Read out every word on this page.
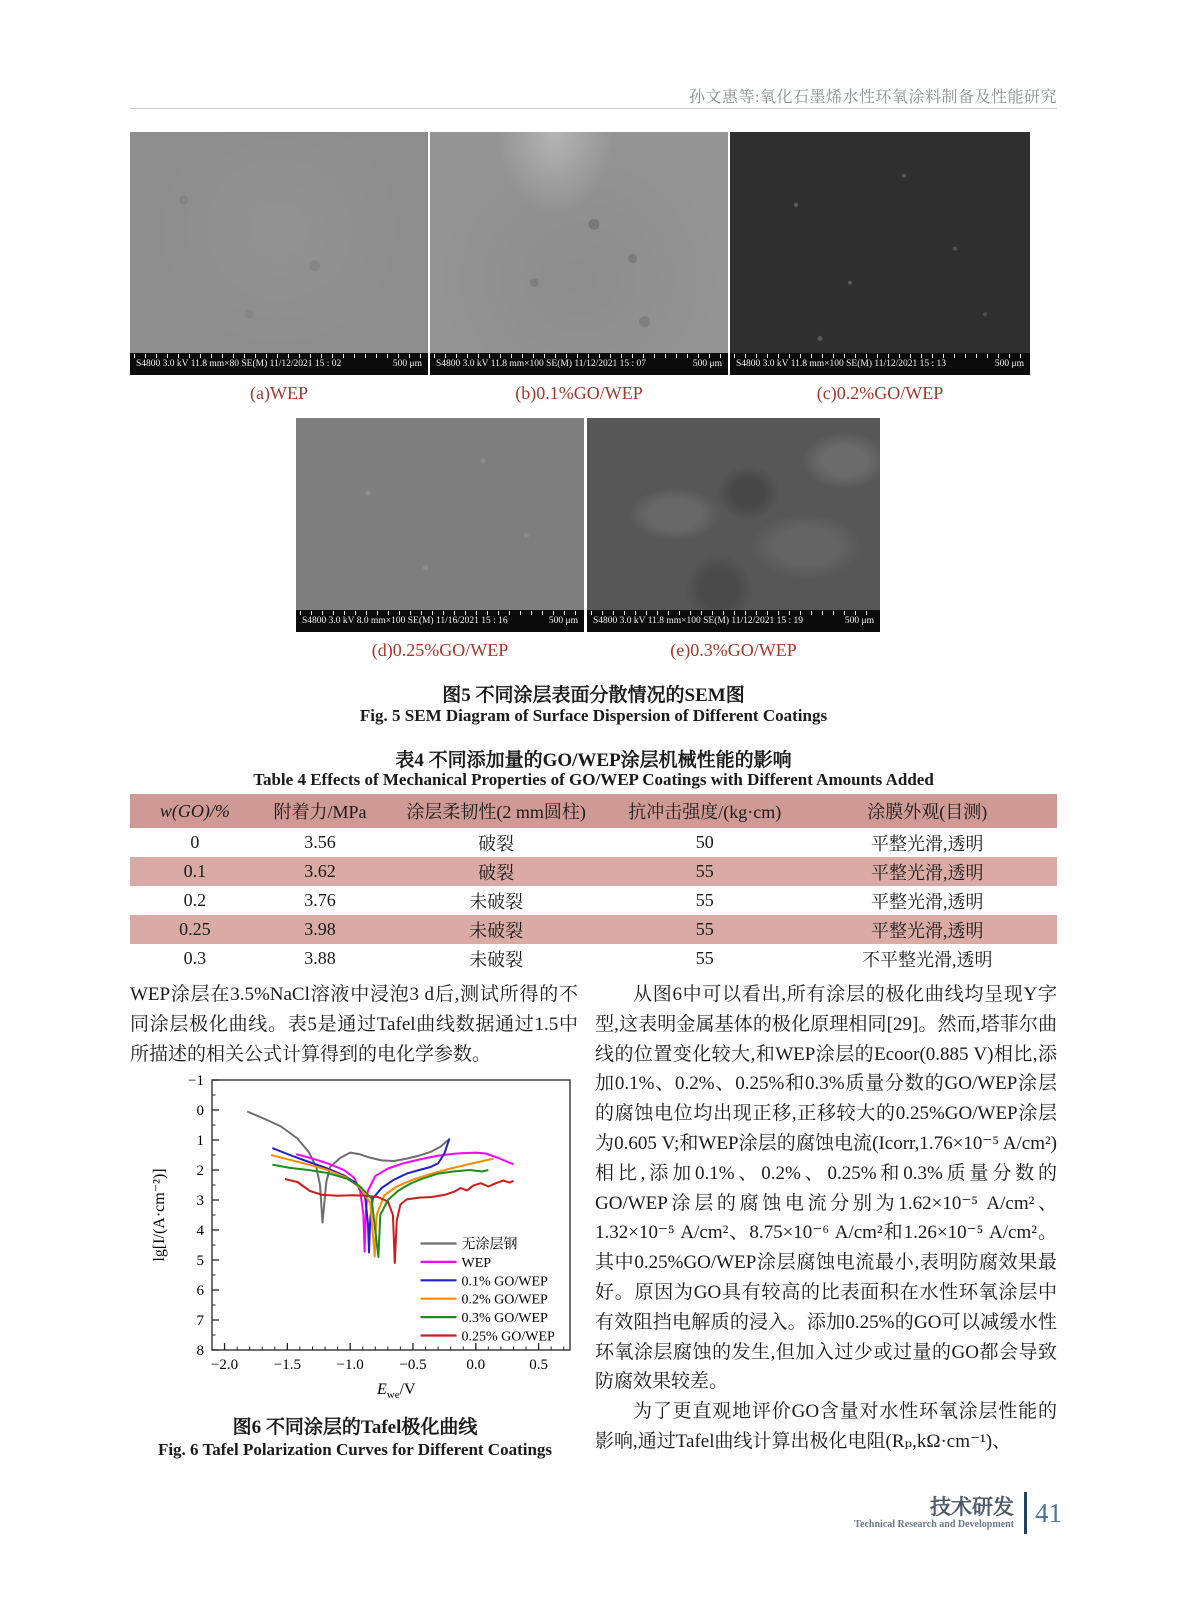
孙文惠等:氧化石墨烯水性环氧涂料制备及性能研究
S4800 3.0 kV 11.8 mm×80 SE(M) 11/12/2021 15 : 02	500 μm S4800 3.0 kV 11.8 mm×100 SE(M) 11/12/2021 15 : 07	500 μm S4800 3.0 kV 11.8 mm×100 SE(M) 11/12/2021 15 : 13	500 μm
(a)WEP	(b)0.1%GO/WEP	(c)0.2%GO/WEP
S4800 3.0 kV 8.0 mm×100 SE(M) 11/16/2021 15 : 16	500 μm S4800 3.0 kV 11.8 mm×100 SE(M) 11/12/2021 15 : 19	500 μm
(d)0.25%GO/WEP	(e)0.3%GO/WEP
图5 不同涂层表面分散情况的SEM图
Fig. 5 SEM Diagram of Surface Dispersion of Different Coatings
表4 不同添加量的GO/WEP涂层机械性能的影响
Table 4 Effects of Mechanical Properties of GO/WEP Coatings with Different Amounts Added
w(GO)/%	附着力/MPa	涂层柔韧性(2 mm圆柱)	抗冲击强度/(kg·cm)	涂膜外观(目测)
0	3.56	破裂	50	平整光滑,透明
0.1	3.62	破裂	55	平整光滑,透明
0.2	3.76	未破裂	55	平整光滑,透明
0.25	3.98	未破裂	55	平整光滑,透明
0.3	3.88	未破裂	55	不平整光滑,透明

WEP涂层在3.5%NaCl溶液中浸泡3 d后,测试所得的不同涂层极化曲线。表5是通过Tafel曲线数据通过1.5中所描述的相关公式计算得到的电化学参数。

−2.0 −1.5 −1.0 −0.5	0.0	0.5
−1
0
1
2
3
4
5
6
7
8
$E_{we}/V$
lg[I/(A·cm⁻²)]	无涂层钢
WEP
0.1% GO/WEP
0.2% GO/WEP
0.3% GO/WEP
0.25% GO/WEP
图6 不同涂层的Tafel极化曲线
Fig. 6 Tafel Polarization Curves for Different Coatings

从图6中可以看出,所有涂层的极化曲线均呈现Y字型,这表明金属基体的极化原理相同[29]。然而,塔菲尔曲线的位置变化较大,和WEP涂层的Ecoor(0.885 V)相比,添加0.1%、0.2%、0.25%和0.3%质量分数的GO/WEP涂层的腐蚀电位均出现正移,正移较大的0.25%GO/WEP涂层为0.605 V;和WEP涂层的腐蚀电流(Icorr,1.76×10⁻⁵ A/cm²)相比,添加0.1%、0.2%、0.25%和0.3%质量分数的GO/WEP涂层的腐蚀电流分别为1.62×10⁻⁵ A/cm²、1.32×10⁻⁵ A/cm²、8.75×10⁻⁶ A/cm²和1.26×10⁻⁵ A/cm²。其中0.25%GO/WEP涂层腐蚀电流最小,表明防腐效果最好。原因为GO具有较高的比表面积在水性环氧涂层中有效阻挡电解质的浸入。添加0.25%的GO可以减缓水性环氧涂层腐蚀的发生,但加入过少或过量的GO都会导致防腐效果较差。

为了更直观地评价GO含量对水性环氧涂层性能的影响,通过Tafel曲线计算出极化电阻(Rₚ,kΩ·cm⁻¹)、

技术研发
Technical Research and Development 41
